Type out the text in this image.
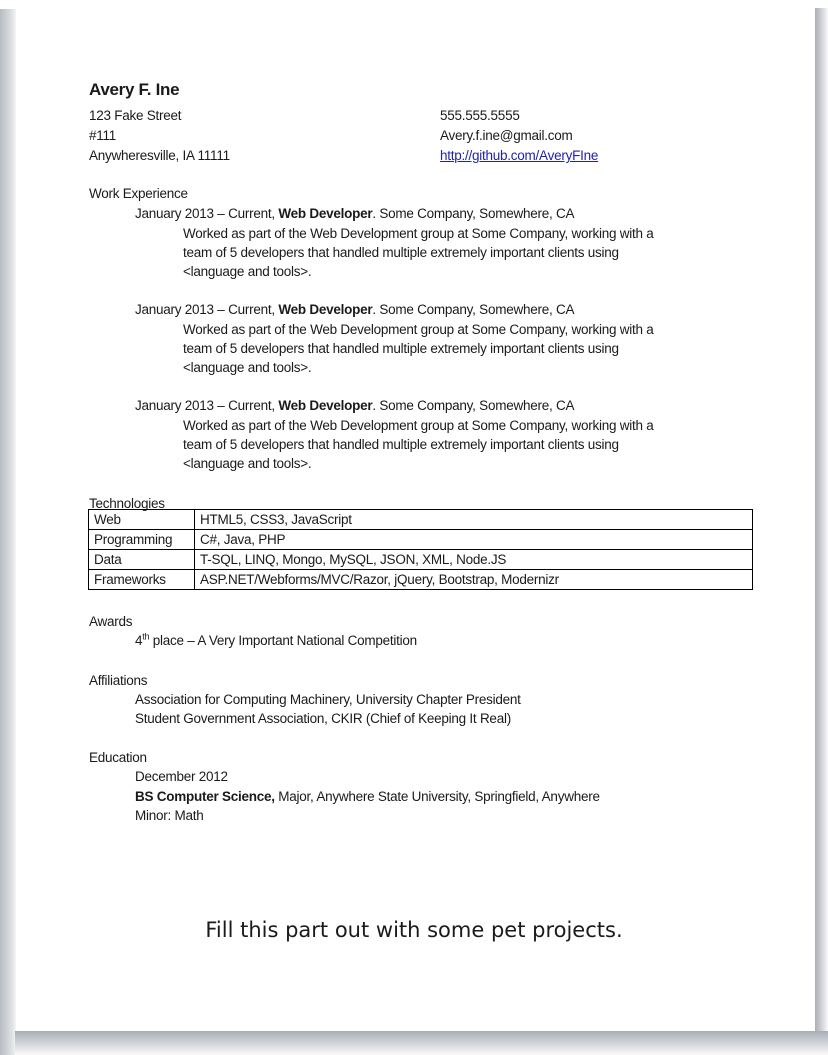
Avery F. Ine
123 Fake Street
#111
Anywheresville, IA 11111
555.555.5555
Avery.f.ine@gmail.com
http://github.com/AveryFIne
Work Experience
January 2013 – Current, Web Developer. Some Company, Somewhere, CA
Worked as part of the Web Development group at Some Company, working with a
team of 5 developers that handled multiple extremely important clients using
<language and tools>.
January 2013 – Current, Web Developer. Some Company, Somewhere, CA
Worked as part of the Web Development group at Some Company, working with a
team of 5 developers that handled multiple extremely important clients using
<language and tools>.
January 2013 – Current, Web Developer. Some Company, Somewhere, CA
Worked as part of the Web Development group at Some Company, working with a
team of 5 developers that handled multiple extremely important clients using
<language and tools>.
Technologies
Web	HTML5, CSS3, JavaScript
Programming	C#, Java, PHP
Data	T-SQL, LINQ, Mongo, MySQL, JSON, XML, Node.JS
Frameworks	ASP.NET/Webforms/MVC/Razor, jQuery, Bootstrap, Modernizr
Awards
4th place – A Very Important National Competition
Affiliations
Association for Computing Machinery, University Chapter President
Student Government Association, CKIR (Chief of Keeping It Real)
Education
December 2012
BS Computer Science, Major, Anywhere State University, Springfield, Anywhere
Minor: Math
Fill this part out with some pet projects.
